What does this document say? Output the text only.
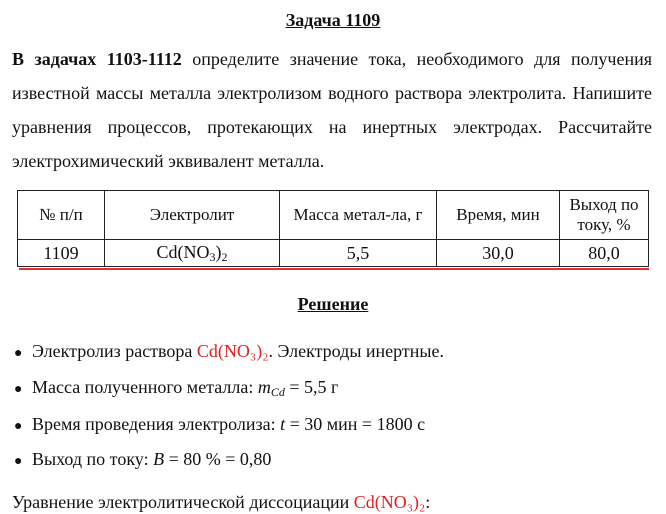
Задача 1109
В задачах 1103-1112 определите значение тока, необходимого для получения известной массы металла электролизом водного раствора электролита. Напишите уравнения процессов, протекающих на инертных электродах. Рассчитайте электрохимический эквивалент металла.
№ п/п	Электролит	Масса метал-ла, г	Время, мин	Выход по току, %
1109	$Cd(NO_3)_2$	5,5	30,0	80,0
Решение
● Электролиз раствора Cd(NO₃)₂. Электроды инертные.
● Масса полученного металла: $m_{Cd} = 5,5$ г
● Время проведения электролиза: t = 30 мин = 1800 с
● Выход по току: B = 80 % = 0,80
Уравнение электролитической диссоциации Cd(NO₃)₂:
